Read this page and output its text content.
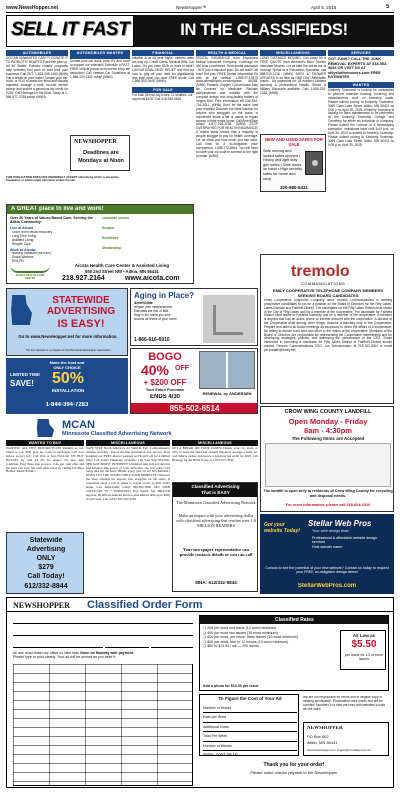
www.NewsHopper.net	NewsHopper™	April 5, 2015	5
SELL IT FAST	IN THE CLASSIFIEDS!
AUTOMOBILES
GOT AN UNWANTED CAR??? DONATE IT TO PATRIOTIC HEARTS. Fast free pick up. All 50 States. Patriotic Hearts' programs help veterans find work or start their own business. Call 24/7: 1-833-485-1460 (MNN) Get a break on your taxes! Donate your car, truck, or SUV to assist the blind and visually impaired. Arrange a swift, no-cost vehicle pickup and secure a generous tax credit for 2025. Call Heritage for the Blind Today at 1-866-977-7038 today! (MNN)
AUTOMOBILES WANTED
Donate your car, truck, boat, RV and more to support our veterans! Schedule a FAST, FREE vehicle pickup and receive a top tax deduction! Call Veteran Car Donations at 1-888-429-2331 today! (MNN)
NEWSHOPPER
Deadlines are
Mondays at Noon
FINANCIAL
Inflation is at 40 year highs. Interest rates are way up. Credit Cards. Medical Bills. Car Loans. Do you have $10k or more in debt? Call NATIONAL DEBT RELIEF and find out how to pay off your debt for significantly less than what you owe! FREE quote: Call 1-866-552-0649. (MNN)
FOR SALE
For Sale 36 inch log hours, 12 shuttles, cut rag items $100. Call 218-546-6516.
THIS PUBLICATION DOES NOT KNOWINGLY ACCEPT advertising which is deceptive, fraudulent, or which might otherwise violate the law.
HEALTH & MEDICAL
DENTAL INSURANCE from Physicians Mutual Insurance Company. Coverage for 400 plus procedures. Real dental insurance - NOT just a discount plan. Do not wait! Call now! Get your FREE Dental Information Kit with all the details! 1-855-973-9175 www.dental50plus.com/nmpress #6258. (MNN) Portable Oxygen Concentrator May Be Covered by Medicare! Reclaim independence and mobility with the compact design and long-lasting battery of Inogen One. Free information kit! Call 844-716-2411. (MNN) Don't let the stairs limit your mobility! Discover the ideal solution for anyone who struggles on the stairs, is concerned about a fall or wants to regain access to their entire home. Call AmeriGlide today! 1-877-916-3765. (MNN) STOP OVERPAYING FOR HEALTH INSURANCE! A recent study shows that a majority of people struggle to pay for health coverage. Let us show you how much you can save. Call Now for a no-obligation price comparison. 1-888-772-8454. You will need to have your zip code to connect to the right provider. (MNN)
MISCELLANEOUS
LONG DISTANCE MOVING: Call today for a FREE QUOTE from America's Most Trusted Interstate Movers. Let us take the stress out of moving! Speak to a Relocation Specialist, call 888-515-1216. (MNN) BATH & SHOWER UPDATES in as little as ONE DAY! Affordable prices - No payments for 18 months! Lifetime warranty & professional installs. Senior & Military Discounts available. Call: 1-855-239-1330. (MNN)
NEW AND USED SAFES FOR SALE
Safe moving and locked safes opened • Heavy and light duty gun safes • Safe doors on hand • High security safes for home and shop
320-980-5431
SERVICES
GOT JUNK? CALL THE JUNK REMOVAL EXPERTS AT 218-553-9654 OR VISIT US AT sillystuffremovers.com FREE ESTIMATES
WANTED
Kimberly Townsend is looking for contractors to perform roadside mowing, brushing and miscellaneous work on township roads. Please submit pricing to Kimberly Townsend, 3069 Clark Lake Street, Aitkin, MN 56431 by 5:00 p.m. April 30, 2025. Kimberly Township is looking for lawn maintenance to be performed at the Kimberly Township Garage and Cemetery by either an individual or company. Please submit the License or a landscaping contractor. Individuals have until 5:00 p.m. on April 30, 2025 to submit to Kimberly Township. Please submit pricing to Kimberly Township, 3069 Clark Lake Street, Aitkin, MN 56431 by 5:00 p.m. April 30, 2025.
A GREAT place to live and work!
Over 50 Years of Values Based Care, Serving the Aitkin Community:
Live at Aicota
Short Term Rehab/Recovery
Long Term Living
Assisted Living
Respite Care
Work at Aicota:
Nursing Assistant (we train)
Social Workers
RN/LPN
Customer Service
Respect
Excellence
Stewardship
AICOTA HEALTH CARE CENTER
Aicota Health Care Center & Assisted Living
850 2nd Street NW • Aitkin, MN 56431
218.927.2164	www.aicota.com
STATEWIDE
ADVERTISING
IS EASY!
Go to www.NewsHopper.net for more information.
The 2x2 Network is a program of the Minnesota Newspaper Association
Aging in Place?
AmeriGlide
Regain your independence
Eliminate the risk of falls
Stay in the home you love
Access all levels of your home
1-866-616-6910
tremolo
COMMUNICATIONS
EMILY COOPERATIVE TELEPHONE COMPANY MEMBERS
SEEKING BOARD CANDIDATES
Emily Cooperative Telephone Company d/b/a Tremolo Communications is seeking prospective candidates to run for a position on the Board of Directors for the Fifty Lakes, Lakes Districts and Fairfield District. The candidates for the Fifty Lakes District must reside in the City of Fifty Lakes and be a member of the cooperative. The candidate for Fairfield District must reside in Fairfield Township and be a member of the cooperative. A member is anyone that has an active phone or internet account with the cooperative. A director of the Cooperative shall among other things: Assume a fiduciary duty to the Cooperative; Prepare and attend all Board meetings as necessary to direct the affairs of a cooperative; Be willing to devote such time and effort to the duties of the cooperative. Members of the Board of Directors are responsible for representing the Cooperative membership and for developing strategies, policies, and assessing the performance of the CEO. Those interested in becoming a candidate for Fifty Lakes District or Fairfield District should contact Tremolo Communications CEO, Jon Schoonmaker, at 218-763-3000 or email jon.pretafin@emily.net
BOGO
40% OFF
+ $200 OFF
Your Entire Purchase
ENDS 4/30
RENEWAL by ANDERSEN
855-502-6514
Make the heat and
ONLY CHOICE
LIMITED TIME
SAVE! 50%
INSTALLATION
1-844-394-7283
CROW WING COUNTY LANDFILL
Open Monday - Friday
8am - 4:30pm
The Following Items are Accepted
The landfill is open only to residents of Crow Wing County for recycling and disposal needs.
For more information, please call 218-824-1010
MCAN
Minnesota Classified Advertising Network
WANTED TO BUY
WANTED: ALL FIVE MOTORCYCLES Running or not. Titled or not. Will pick up. Cash in exchange. Call now before project fall. Call Dan at 612-720-2142 WE BUY HOUSES for cash AS IS! No repairs. No fuss. Any condition. Easy three step process: Call, get cash offer and get paid. Get your fair cash offer today by calling Liz Buys Homes: 844-978-0461
MISCELLANEOUS
SAFE STEP North America's #1 Walk-In Tub. Comprehensive lifetime warranty. Top-of-the-line installation and service. Now featuring our FREE shower package and $1,600 off for a limited time! Call today! Financing available. Call Safe Step 833-966-3882 GOT BOOST INTERNET! Unlimited talk, text and data for just $25/mo! The power of 3 5G networks, one low price! Call today and get the latest iPhone every year on us! 855-849-6621 DON'T LET THE STAIRS LIMIT YOUR MOBILITY! Discover the ideal solution for anyone who struggles on the stairs, is concerned about a fall or wants to regain access to their entire home. Call AmeriGlide today! 866-852-5906 GET DISH SATELLITE TV + INTERNET! Free install, free HD-DVR upgrade, 80,000 on-demand movies, plus limited time up to $600 in gift cards. Call today! 855-562-4309
MISCELLANEOUS
GET A BREAK ON YOUR TAXES! Donate your car, truck, or SUV to assist the blind and visually impaired. Arrange a swift, no-cost vehicle pickup and secure a generous tax credit for 2025. Call Heritage for the Blind Today at 1-855-977-7030
Statewide
Advertising
ONLY
$279
Call Today!
612/332-8844
Classified Advertising
That is EASY
The Minnesota Classified Advertising Network
Make an impact with your advertising dollar with classified advertising that reaches over 1.6 MILLION READERS
Your newspaper representative can provide contacts details or you can call
MNA: 612/332-8844
Got your website Today!
Stellar Web Pros
Your web design team
Professional & affordable website design services
Host domain name
Curious to see the potential of your new website? Contact us today to request your FREE no-obligation design demo!
StellarWebPros.com
NEWSHOPPER Classified Order Form
All ads must reach our office no later than Noon on Monday with payment
Please type or print clearly. Your ad will be printed as you write it.
Classified Rates
❑ 20¢ per word one issue (10 word minimum)
❑ 40¢ per word two issues (10 word minimum)
❑ 60¢ per word, per issue, three issues (10 word minimum)
❑ 80¢ per word, four to 12 issues (10 word minimum)
❑ $50 to $74.99 / wk — 200 words
As Low as
$5.50
per issue for 13 or more issues
Add a photo for $13.00 per issue
To Figure the Cost of Your Ad
Number of Words
Rate per Word
Additional Costs
Total Per Week
Number of Weeks
TOTAL COST OF AD
We are not responsible for errors due to illegible copy or missing punctuation. Punctuation uses words and will be counted. Numbers in a date are read with websites counts as one word.
NEWSHOPPER
PO Box 602
Aitkin, MN 56431
www.NewsHopper.net • hopper@mnvallaynews.net
Thank you for your order!
Please make checks payable to the NewsHopper
